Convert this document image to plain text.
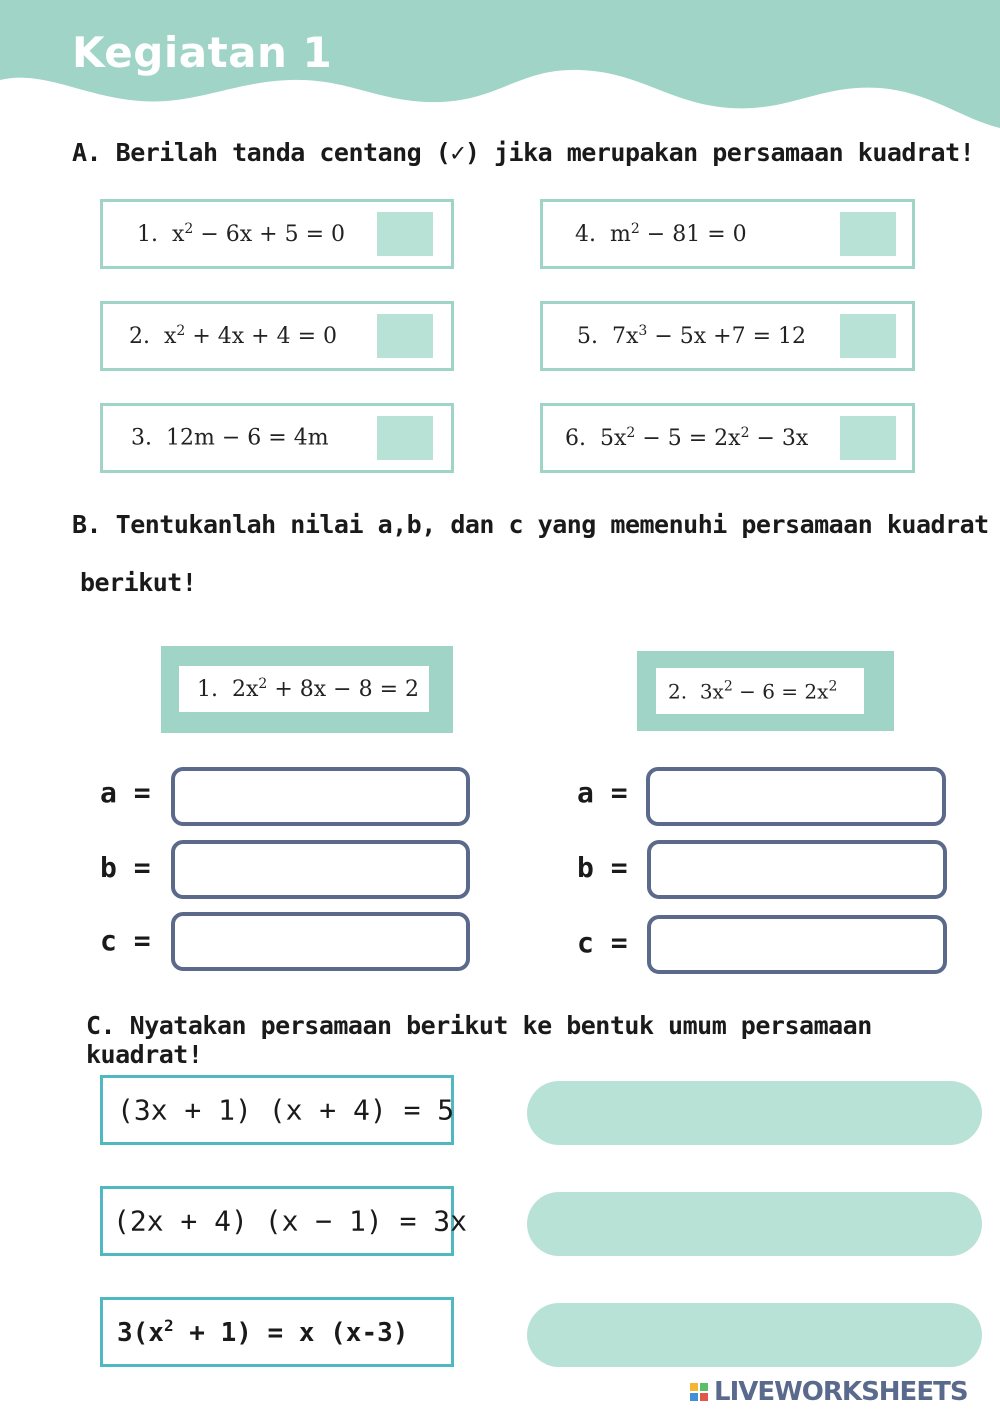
Kegiatan 1
A. Berilah tanda centang (✓) jika merupakan persamaan kuadrat!
1. $x^2 - 6x + 5 = 0$
2. $x^2 + 4x + 4 = 0$
3. 12m − 6 = 4m
4. $m^2 - 81 = 0$
5. $7x^3 - 5x +7 = 12$
6. $5x^2 - 5 = 2x^2 - 3x$
B. Tentukanlah nilai a,b, dan c yang memenuhi persamaan kuadrat
berikut!
1. $2x^2 + 8x - 8 = 2$	2. $3x^2 - 6 = 2x^2$
a =
b =
c =
a =
b =
c =
C. Nyatakan persamaan berikut ke bentuk umum persamaan kuadrat!
(3x + 1) (x + 4) = 5
(2x + 4) (x − 1) = 3x
$3(x^2 + 1) = x$ (x-3)
LIVEWORKSHEETS
